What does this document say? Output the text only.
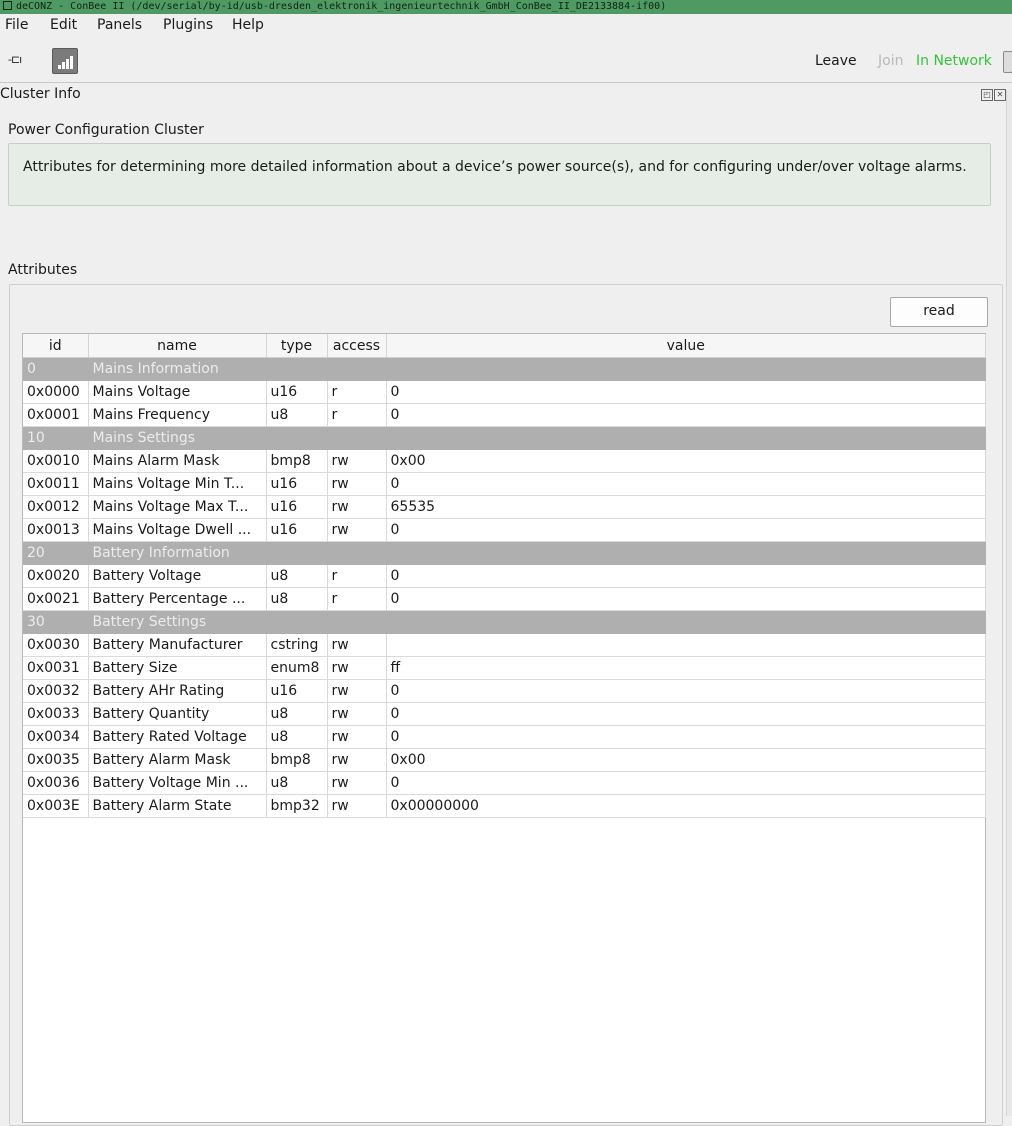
deCONZ - ConBee II (/dev/serial/by-id/usb-dresden_elektronik_ingenieurtechnik_GmbH_ConBee_II_DE2133884-if00)
File Edit Panels Plugins Help
-⊏ı	Leave Join In Network
Cluster Info	◰ ✕
Power Configuration Cluster
Attributes for determining more detailed information about a device’s power source(s), and for configuring under/over voltage alarms.
Attributes
read
id	name	type	access	value
0	Mains Information			
0x0000	Mains Voltage	u16	r	0
0x0001	Mains Frequency	u8	r	0
10	Mains Settings			
0x0010	Mains Alarm Mask	bmp8	rw	0x00
0x0011	Mains Voltage Min T...	u16	rw	0
0x0012	Mains Voltage Max T...	u16	rw	65535
0x0013	Mains Voltage Dwell ...	u16	rw	0
20	Battery Information			
0x0020	Battery Voltage	u8	r	0
0x0021	Battery Percentage ...	u8	r	0
30	Battery Settings			
0x0030	Battery Manufacturer	cstring	rw	
0x0031	Battery Size	enum8	rw	ff
0x0032	Battery AHr Rating	u16	rw	0
0x0033	Battery Quantity	u8	rw	0
0x0034	Battery Rated Voltage	u8	rw	0
0x0035	Battery Alarm Mask	bmp8	rw	0x00
0x0036	Battery Voltage Min ...	u8	rw	0
0x003E	Battery Alarm State	bmp32	rw	0x00000000
